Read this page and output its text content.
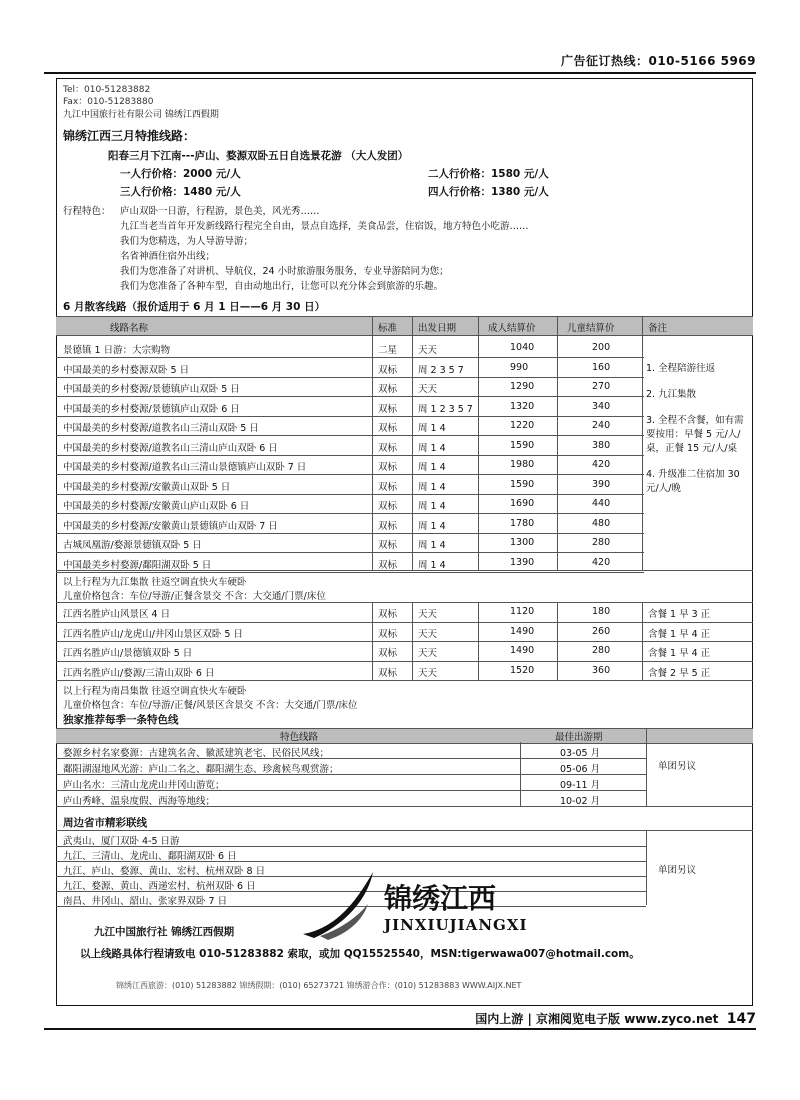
广告征订热线：010-5166 5969
Tel：010-51283882
Fax：010-51283880
九江中国旅行社有限公司 锦绣江西假期
锦绣江西三月特推线路：
阳春三月下江南---庐山、婺源双卧五日自选景花游 （大人发团）
一人行价格：2000 元/人	二人行价格：1580 元/人
三人行价格：1480 元/人	四人行价格：1380 元/人
行程特色： 庐山双卧一日游，行程游，景色美，风光秀……
九江当老当首年开发新线路行程完全自由，景点自选择，美食品尝，住宿饭，地方特色小吃游……
我们为您精选，为人导游导游；
名省神酒住宿外出线；
我们为您准备了对讲机、导航仪，24 小时旅游服务服务，专业导游陪同为您；
我们为您准备了各种车型，自由动地出行，让您可以充分体会到旅游的乐趣。
6 月散客线路（报价适用于 6 月 1 日——6 月 30 日）
线路名称	标准 出发日期	成人结算价	儿童结算价	备注
景德镇 1 日游：大宗购物	二星 天天	1040	200
中国最美的乡村婺源双卧 5 日	双标 周 2 3 5 7	990	160
中国最美的乡村婺源/景德镇庐山双卧 5 日	双标 天天	1290	270
中国最美的乡村婺源/景德镇庐山双卧 6 日	双标 周 1 2 3 5 7	1320	340
中国最美的乡村婺源/道教名山三清山双卧 5 日	双标 周 1 4	1220	240
中国最美的乡村婺源/道教名山三清山庐山双卧 6 日	双标 周 1 4	1590	380
中国最美的乡村婺源/道教名山三清山景德镇庐山双卧 7 日	双标 周 1 4	1980	420
中国最美的乡村婺源/安徽黄山双卧 5 日	双标 周 1 4	1590	390
中国最美的乡村婺源/安徽黄山庐山双卧 6 日	双标 周 1 4	1690	440
中国最美的乡村婺源/安徽黄山景德镇庐山双卧 7 日	双标 周 1 4	1780	480
古城凤凰游/婺源景德镇双卧 5 日	双标 周 1 4	1300	280
中国最美乡村婺源/鄱阳湖双卧 5 日	双标 周 1 4	1390	420
1. 全程陪游往返
2. 九江集散
3. 全程不含餐，如有需要按用：早餐 5 元/人/桌，正餐 15 元/人/桌
4. 升级准二住宿加 30 元/人/晚
以上行程为九江集散 往返空调直快火车硬卧
儿童价格包含：车位/导游/正餐含景交 不含：大交通/门票/床位
江西名胜庐山风景区 4 日	双标 天天	1120	180	含餐 1 早 3 正
江西名胜庐山/龙虎山/井冈山景区双卧 5 日	双标 天天	1490	260	含餐 1 早 4 正
江西名胜庐山/景德镇双卧 5 日	双标 天天	1490	280	含餐 1 早 4 正
江西名胜庐山/婺源/三清山双卧 6 日	双标 天天	1520	360	含餐 2 早 5 正
以上行程为南昌集散 往返空调直快火车硬卧
儿童价格包含：车位/导游/正餐/风景区含景交 不含：大交通/门票/床位
独家推荐每季一条特色线
特色线路	最佳出游期
婺源乡村名家婺源：古建筑名舍、徽派建筑老宅、民俗民风线；	03-05 月
鄱阳湖湿地风光游：庐山二名之、鄱阳湖生态、珍禽候鸟观赏游；	05-06 月
庐山名水：三清山龙虎山井冈山游览；	09-11 月
庐山秀峰、温泉度假、西海等地线；	10-02 月
单团另议
周边省市精彩联线
武夷山、厦门双卧 4-5 日游
九江、三清山、龙虎山、鄱阳湖双卧 6 日
九江、庐山、婺源、黄山、宏村、杭州双卧 8 日
九江、婺源、黄山、西递宏村、杭州双卧 6 日
南昌、井冈山、韶山、张家界双卧 7 日
单团另议
锦绣江西
JINXIUJIANGXI
九江中国旅行社 锦绣江西假期
以上线路具体行程请致电 010-51283882 索取，或加 QQ15525540，MSN:tigerwawa007@hotmail.com。
锦绣江西旅游：(010) 51283882 锦绣假期：(010) 65273721 锦绣游合作：(010) 51283883 WWW.AIJX.NET
国内上游 | 京湘阅览电子版 www.zyco.net 147
